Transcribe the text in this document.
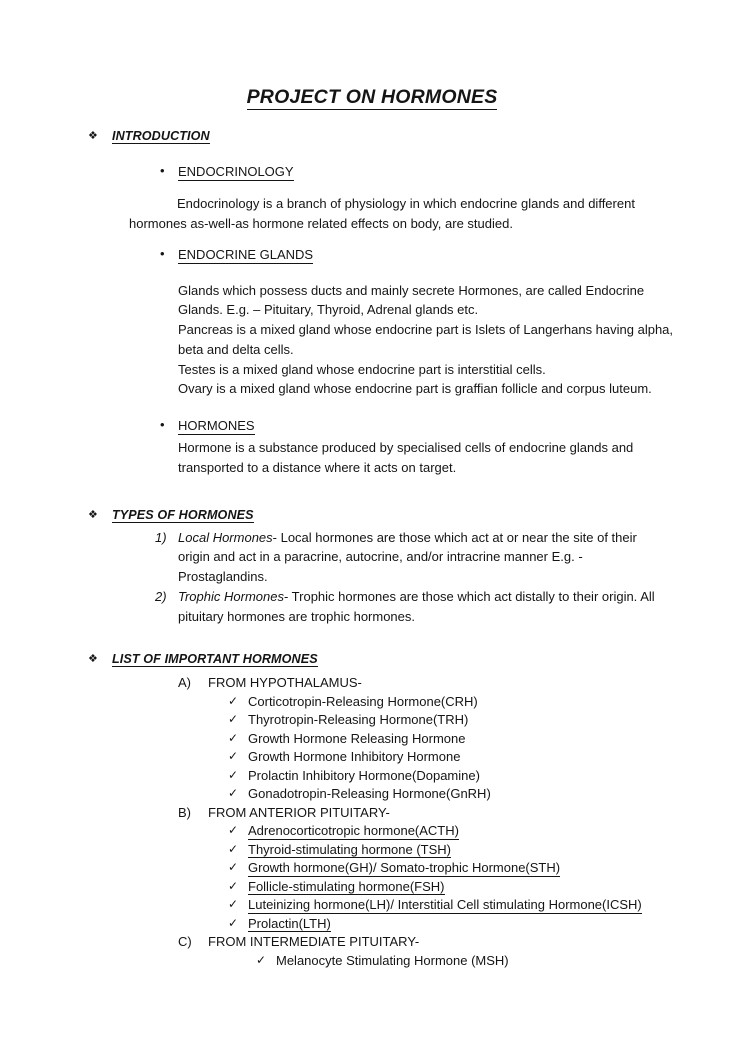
PROJECT ON HORMONES
❖ INTRODUCTION
• ENDOCRINOLOGY

Endocrinology is a branch of physiology in which endocrine glands and different hormones as-well-as hormone related effects on body, are studied.

• ENDOCRINE GLANDS

Glands which possess ducts and mainly secrete Hormones, are called Endocrine Glands. E.g. – Pituitary, Thyroid, Adrenal glands etc.

Pancreas is a mixed gland whose endocrine part is Islets of Langerhans having alpha, beta and delta cells.

Testes is a mixed gland whose endocrine part is interstitial cells.

Ovary is a mixed gland whose endocrine part is graffian follicle and corpus luteum.

• HORMONES

Hormone is a substance produced by specialised cells of endocrine glands and transported to a distance where it acts on target.

❖ TYPES OF HORMONES
1) Local Hormones- Local hormones are those which act at or near the site of their origin and act in a paracrine, autocrine, and/or intracrine manner E.g. - Prostaglandins.
2) Trophic Hormones- Trophic hormones are those which act distally to their origin. All pituitary hormones are trophic hormones.
❖ LIST OF IMPORTANT HORMONES
A) FROM HYPOTHALAMUS-
✓ Corticotropin-Releasing Hormone(CRH)
✓ Thyrotropin-Releasing Hormone(TRH)
✓ Growth Hormone Releasing Hormone
✓ Growth Hormone Inhibitory Hormone
✓ Prolactin Inhibitory Hormone(Dopamine)
✓ Gonadotropin-Releasing Hormone(GnRH)
B) FROM ANTERIOR PITUITARY-
✓ Adrenocorticotropic hormone(ACTH)
✓ Thyroid-stimulating hormone (TSH)
✓ Growth hormone(GH)/ Somato-trophic Hormone(STH)
✓ Follicle-stimulating hormone(FSH)
✓ Luteinizing hormone(LH)/ Interstitial Cell stimulating Hormone(ICSH)
✓ Prolactin(LTH)
C) FROM INTERMEDIATE PITUITARY-
✓ Melanocyte Stimulating Hormone (MSH)
